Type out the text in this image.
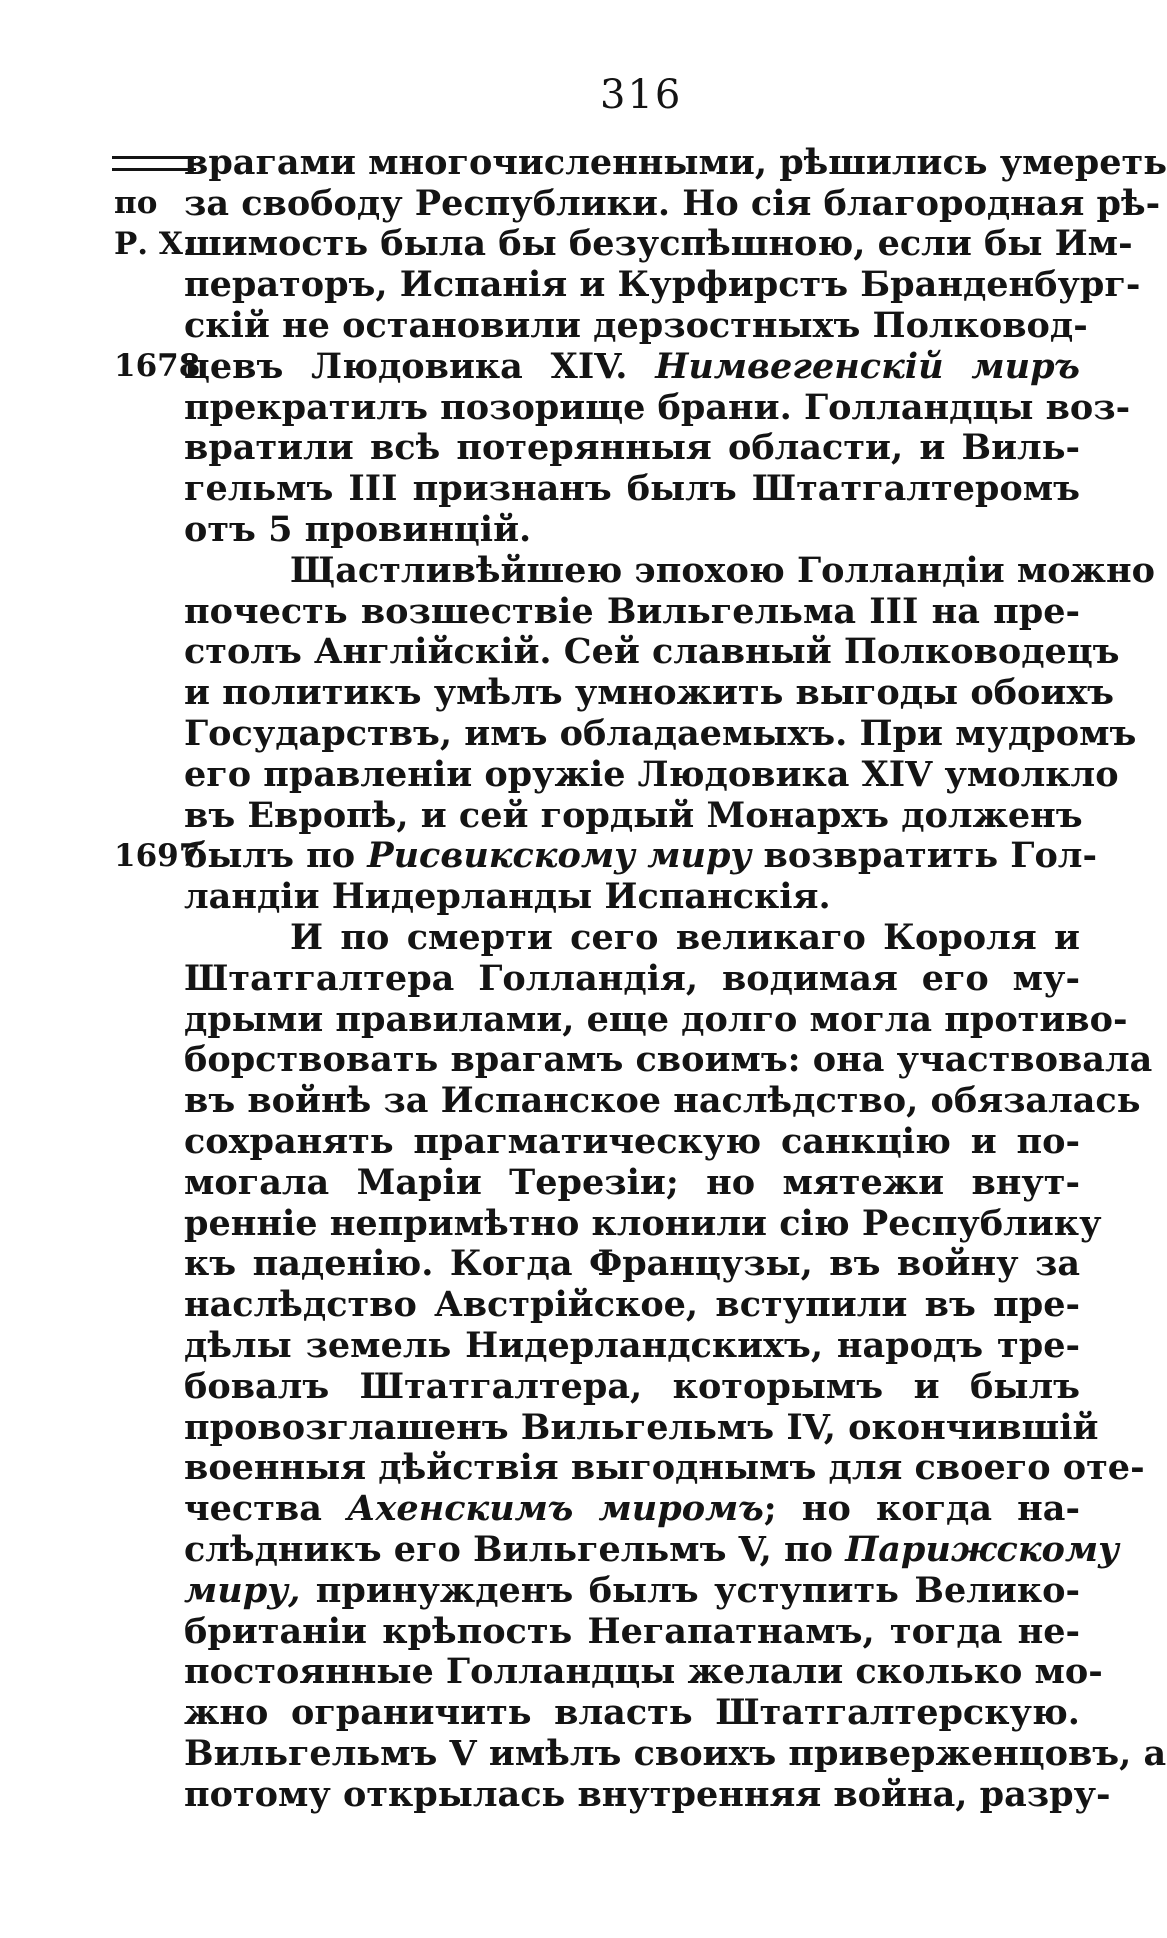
316
врагами многочисленными, рѣшились умереть
по за свободу Республики. Но сія благородная рѣ-
Р. Х.
шимость была бы безуспѣшною, если бы Им-
ператоръ, Испанія и Курфирстъ Бранденбург-
скій не остановили дерзостныхъ Полковод-
1678
цевъ Людовика XIV. Нимвегенскій миръ
прекратилъ позорище брани. Голландцы воз-
вратили всѣ потерянныя области, и Виль-
гельмъ III признанъ былъ Штатгалтеромъ
отъ 5 провинцій.
Щастливѣйшею эпохою Голландіи можно
почесть возшествіе Вильгельма III на пре-
столъ Англійскій. Сей славный Полководецъ
и политикъ умѣлъ умножить выгоды обоихъ
Государствъ, имъ обладаемыхъ. При мудромъ
его правленіи оружіе Людовика XIV умолкло
въ Европѣ, и сей гордый Монархъ долженъ
1697
былъ по Рисвикскому миру возвратить Гол-
ландіи Нидерланды Испанскія.
И по смерти сего великаго Короля и
Штатгалтера Голландія, водимая его му-
дрыми правилами, еще долго могла противо-
борствовать врагамъ своимъ: она участвовала
въ войнѣ за Испанское наслѣдство, обязалась
сохранять прагматическую санкцію и по-
могала Маріи Терезіи; но мятежи внут-
ренніе непримѣтно клонили сію Республику
къ паденію. Когда Французы, въ войну за
наслѣдство Австрійское, вступили въ пре-
дѣлы земель Нидерландскихъ, народъ тре-
бовалъ Штатгалтера, которымъ и былъ
провозглашенъ Вильгельмъ IV, окончившій
военныя дѣйствія выгоднымъ для своего оте-
чества Ахенскимъ миромъ; но когда на-
слѣдникъ его Вильгельмъ V, по Парижскому
миру, принужденъ былъ уступить Велико-
британіи крѣпость Негапатнамъ, тогда не-
постоянные Голландцы желали сколько мо-
жно ограничить власть Штатгалтерскую.
Вильгельмъ V имѣлъ своихъ приверженцовъ, а
потому открылась внутренняя война, разру-
